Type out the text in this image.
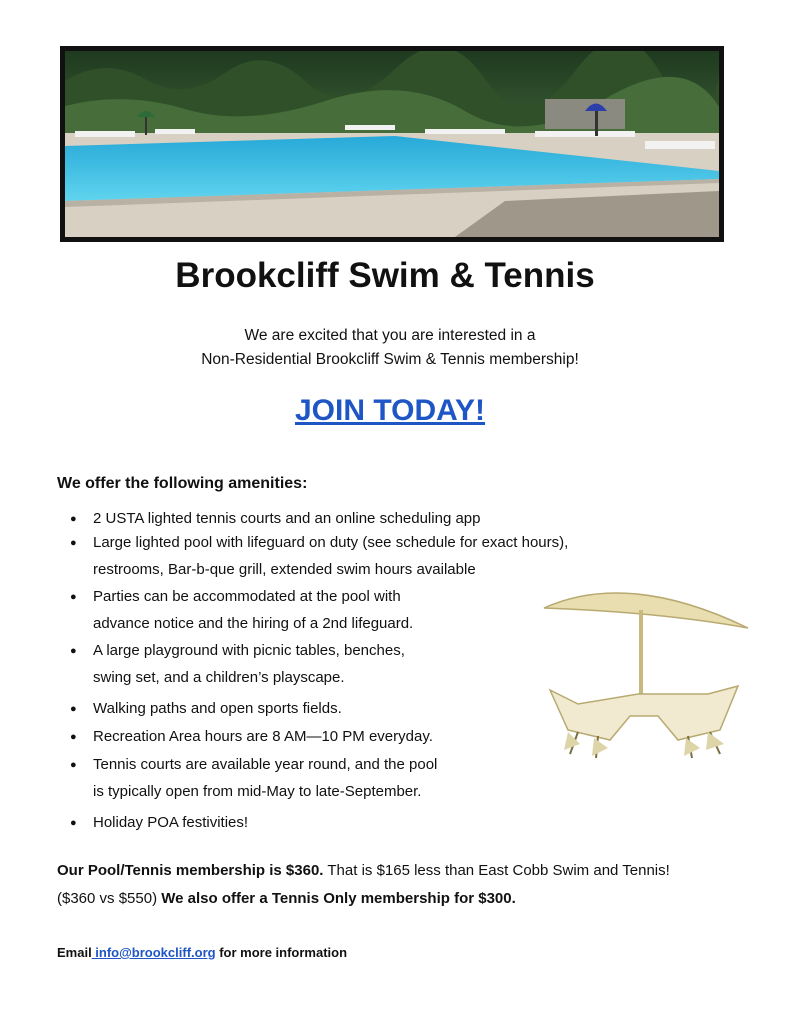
Brookcliff Swim & Tennis
We are excited that you are interested in a
Non-Residential Brookcliff Swim & Tennis membership!
JOIN TODAY!
We offer the following amenities:
● 2 USTA lighted tennis courts and an online scheduling app
● Large lighted pool with lifeguard on duty (see schedule for exact hours),
restrooms, Bar-b-que grill, extended swim hours available
● Parties can be accommodated at the pool with
advance notice and the hiring of a 2nd lifeguard.
● A large playground with picnic tables, benches,
swing set, and a children’s playscape.
● Walking paths and open sports fields.
● Recreation Area hours are 8 AM—10 PM everyday.
● Tennis courts are available year round, and the pool
is typically open from mid-May to late-September.
● Holiday POA festivities!
Our Pool/Tennis membership is $360. That is $165 less than East Cobb Swim and Tennis!
($360 vs $550) We also offer a Tennis Only membership for $300.
Email info@brookcliff.org for more information
